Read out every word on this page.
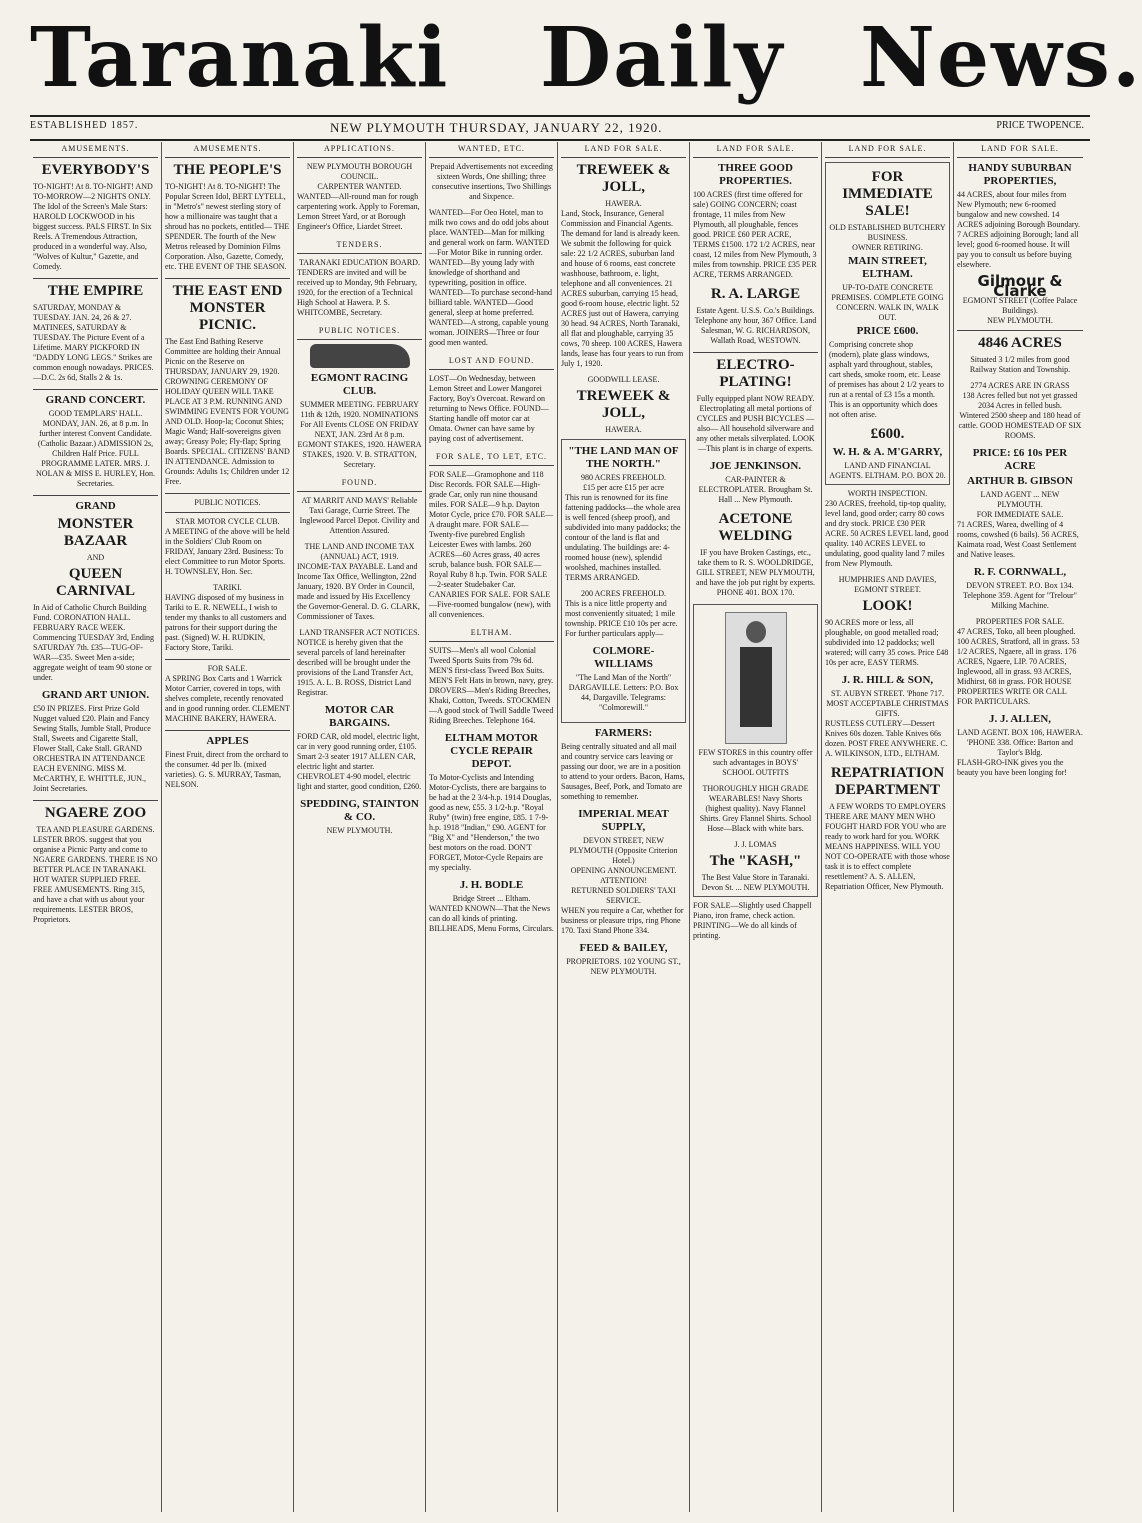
Taranaki Daily News.
ESTABLISHED 1857.	NEW PLYMOUTH THURSDAY, JANUARY 22, 1920.	PRICE TWOPENCE.
AMUSEMENTS.
EVERYBODY'S
TO-NIGHT! At 8. TO-NIGHT! AND TO-MORROW—2 NIGHTS ONLY. The Idol of the Screen's Male Stars: HAROLD LOCKWOOD in his biggest success. PALS FIRST. In Six Reels. A Tremendous Attraction, produced in a wonderful way. Also, "Wolves of Kultur," Gazette, and Comedy.
THE EMPIRE
SATURDAY, MONDAY & TUESDAY. JAN. 24, 26 & 27. MATINEES, SATURDAY & TUESDAY. The Picture Event of a Lifetime. MARY PICKFORD IN "DADDY LONG LEGS." Strikes are common enough nowadays. PRICES.—D.C. 2s 6d, Stalls 2 & 1s.
GRAND CONCERT.
GOOD TEMPLARS' HALL. MONDAY, JAN. 26, at 8 p.m. In further interest Convent Candidate. (Catholic Bazaar.) ADMISSION 2s, Children Half Price. FULL PROGRAMME LATER. MRS. J. NOLAN & MISS E. HURLEY, Hon. Secretaries.
GRAND
MONSTER BAZAAR
AND
QUEEN CARNIVAL
In Aid of Catholic Church Building Fund. CORONATION HALL. FEBRUARY RACE WEEK. Commencing TUESDAY 3rd, Ending SATURDAY 7th. £35—TUG-OF-WAR—£35. Sweet Men a-side; aggregate weight of team 90 stone or under.
GRAND ART UNION.
£50 IN PRIZES. First Prize Gold Nugget valued £20. Plain and Fancy Sewing Stalls, Jumble Stall, Produce Stall, Sweets and Cigarette Stall, Flower Stall, Cake Stall. GRAND ORCHESTRA IN ATTENDANCE EACH EVENING. MISS M. McCARTHY, E. WHITTLE, JUN., Joint Secretaries.
NGAERE ZOO
TEA AND PLEASURE GARDENS.
LESTER BROS. suggest that you organise a Picnic Party and come to NGAERE GARDENS. THERE IS NO BETTER PLACE IN TARANAKI. HOT WATER SUPPLIED FREE. FREE AMUSEMENTS. Ring 315, and have a chat with us about your requirements. LESTER BROS, Proprietors.
AMUSEMENTS.
THE PEOPLE'S
TO-NIGHT! At 8. TO-NIGHT! The Popular Screen Idol, BERT LYTELL, in "Metro's" newest sterling story of how a millionaire was taught that a shroud has no pockets, entitled— THE SPENDER. The fourth of the New Metros released by Dominion Films Corporation. Also, Gazette, Comedy, etc. THE EVENT OF THE SEASON.
THE EAST END MONSTER PICNIC.
The East End Bathing Reserve Committee are holding their Annual Picnic on the Reserve on THURSDAY, JANUARY 29, 1920. CROWNING CEREMONY OF HOLIDAY QUEEN WILL TAKE PLACE AT 3 P.M. RUNNING AND SWIMMING EVENTS FOR YOUNG AND OLD. Hoop-la; Coconut Shies; Magic Wand; Half-sovereigns given away; Greasy Pole; Fly-flap; Spring Boards. SPECIAL. CITIZENS' BAND IN ATTENDANCE. Admission to Grounds: Adults 1s; Children under 12 Free.
PUBLIC NOTICES.
STAR MOTOR CYCLE CLUB.
A MEETING of the above will be held in the Soldiers' Club Room on FRIDAY, January 23rd. Business: To elect Committee to run Motor Sports. H. TOWNSLEY, Hon. Sec.
TARIKI.
HAVING disposed of my business in Tariki to E. R. NEWELL, I wish to tender my thanks to all customers and patrons for their support during the past. (Signed) W. H. RUDKIN, Factory Store, Tariki.
FOR SALE.
A SPRING Box Carts and 1 Warrick Motor Carrier, covered in tops, with shelves complete, recently renovated and in good running order. CLEMENT MACHINE BAKERY, HAWERA.
APPLES
Finest Fruit, direct from the orchard to the consumer. 4d per lb. (mixed varieties). G. S. MURRAY, Tasman, NELSON.
APPLICATIONS.
NEW PLYMOUTH BOROUGH COUNCIL.
CARPENTER WANTED.
WANTED—All-round man for rough carpentering work. Apply to Foreman, Lemon Street Yard, or at Borough Engineer's Office, Liardet Street.
TENDERS.
TARANAKI EDUCATION BOARD.
TENDERS are invited and will be received up to Monday, 9th February, 1920, for the erection of a Technical High School at Hawera. P. S. WHITCOMBE, Secretary.
PUBLIC NOTICES.
EGMONT RACING CLUB.
SUMMER MEETING. FEBRUARY 11th & 12th, 1920. NOMINATIONS For All Events CLOSE ON FRIDAY NEXT, JAN. 23rd At 8 p.m. EGMONT STAKES, 1920. HAWERA STAKES, 1920. V. B. STRATTON, Secretary.
FOUND.
AT MARRIT AND MAYS' Reliable Taxi Garage, Currie Street. The Inglewood Parcel Depot. Civility and Attention Assured.
THE LAND AND INCOME TAX (ANNUAL) ACT, 1919.
INCOME-TAX PAYABLE. Land and Income Tax Office, Wellington, 22nd January, 1920. BY Order in Council, made and issued by His Excellency the Governor-General. D. G. CLARK, Commissioner of Taxes.
LAND TRANSFER ACT NOTICES.
NOTICE is hereby given that the several parcels of land hereinafter described will be brought under the provisions of the Land Transfer Act, 1915. A. L. B. ROSS, District Land Registrar.
MOTOR CAR BARGAINS.
FORD CAR, old model, electric light, car in very good running order, £105. Smart 2-3 seater 1917 ALLEN CAR, electric light and starter. CHEVROLET 4-90 model, electric light and starter, good condition, £260.
SPEDDING, STAINTON & CO.
NEW PLYMOUTH.
WANTED, ETC.
Prepaid Advertisements not exceeding sixteen Words, One shilling; three consecutive insertions, Two Shillings and Sixpence.
WANTED—For Oeo Hotel, man to milk two cows and do odd jobs about place. WANTED—Man for milking and general work on farm. WANTED—For Motor Bike in running order. WANTED—By young lady with knowledge of shorthand and typewriting, position in office. WANTED—To purchase second-hand billiard table. WANTED—Good general, sleep at home preferred. WANTED—A strong, capable young woman. JOINERS—Three or four good men wanted.
LOST AND FOUND.
LOST—On Wednesday, between Lemon Street and Lower Mangorei Factory, Boy's Overcoat. Reward on returning to News Office. FOUND—Starting handle off motor car at Omata. Owner can have same by paying cost of advertisement.
FOR SALE, TO LET, ETC.
FOR SALE—Gramophone and 118 Disc Records. FOR SALE—High-grade Car, only run nine thousand miles. FOR SALE—9 h.p. Dayton Motor Cycle, price £70. FOR SALE—A draught mare. FOR SALE—Twenty-five purebred English Leicester Ewes with lambs. 260 ACRES—60 Acres grass, 40 acres scrub, balance bush. FOR SALE—Royal Ruby 8 h.p. Twin. FOR SALE—2-seater Studebaker Car. CANARIES FOR SALE. FOR SALE—Five-roomed bungalow (new), with all conveniences.
ELTHAM.
SUITS—Men's all wool Colonial Tweed Sports Suits from 79s 6d. MEN'S first-class Tweed Box Suits. MEN'S Felt Hats in brown, navy, grey. DROVERS—Men's Riding Breeches, Khaki, Cotton, Tweeds. STOCKMEN—A good stock of Twill Saddle Tweed Riding Breeches. Telephone 164.
ELTHAM MOTOR CYCLE REPAIR DEPOT.
To Motor-Cyclists and Intending Motor-Cyclists, there are bargains to be had at the 2 3/4-h.p. 1914 Douglas, good as new, £55. 3 1/2-h.p. "Royal Ruby" (twin) free engine, £85. 1 7-9-h.p. 1918 "Indian," £90. AGENT for "Big X" and "Henderson," the two best motors on the road. DON'T FORGET, Motor-Cycle Repairs are my specialty.
J. H. BODLE
Bridge Street ... Eltham.
WANTED KNOWN—That the News can do all kinds of printing. BILLHEADS, Menu Forms, Circulars.
LAND FOR SALE.
TREWEEK & JOLL,
HAWERA.
Land, Stock, Insurance, General Commission and Financial Agents. The demand for land is already keen. We submit the following for quick sale: 22 1/2 ACRES, suburban land and house of 6 rooms, east concrete washhouse, bathroom, e. light, telephone and all conveniences. 21 ACRES suburban, carrying 15 head, good 6-room house, electric light. 52 ACRES just out of Hawera, carrying 30 head. 94 ACRES, North Taranaki, all flat and ploughable, carrying 35 cows, 70 sheep. 100 ACRES, Hawera lands, lease has four years to run from July 1, 1920.
GOODWILL LEASE.
TREWEEK & JOLL,
HAWERA.
"THE LAND MAN OF THE NORTH."
980 ACRES FREEHOLD.
£15 per acre £15 per acre
This run is renowned for its fine fattening paddocks—the whole area is well fenced (sheep proof), and subdivided into many paddocks; the contour of the land is flat and undulating. The buildings are: 4-roomed house (new), splendid woolshed, machines installed. TERMS ARRANGED.
200 ACRES FREEHOLD.
This is a nice little property and most conveniently situated; 1 mile township. PRICE £10 10s per acre. For further particulars apply—
COLMORE-WILLIAMS
"The Land Man of the North" DARGAVILLE. Letters: P.O. Box 44, Dargaville. Telegrams: "Colmorewill."
FARMERS:
Being centrally situated and all mail and country service cars leaving or passing our door, we are in a position to attend to your orders. Bacon, Hams, Sausages, Beef, Pork, and Tomato are something to remember.
IMPERIAL MEAT SUPPLY,
DEVON STREET, NEW PLYMOUTH (Opposite Criterion Hotel.)
OPENING ANNOUNCEMENT.
ATTENTION!
RETURNED SOLDIERS' TAXI SERVICE.
WHEN you require a Car, whether for business or pleasure trips, ring Phone 170. Taxi Stand Phone 334.
FEED & BAILEY,
PROPRIETORS. 102 YOUNG ST., NEW PLYMOUTH.
LAND FOR SALE.
THREE GOOD PROPERTIES.
100 ACRES (first time offered for sale) GOING CONCERN; coast frontage, 11 miles from New Plymouth, all ploughable, fences good. PRICE £60 PER ACRE, TERMS £1500. 172 1/2 ACRES, near coast, 12 miles from New Plymouth, 3 miles from township. PRICE £35 PER ACRE, TERMS ARRANGED.
R. A. LARGE
Estate Agent. U.S.S. Co.'s Buildings. Telephone any hour, 367 Office. Land Salesman, W. G. RICHARDSON, Wallath Road, WESTOWN.
ELECTRO-PLATING!
Fully equipped plant NOW READY. Electroplating all metal portions of CYCLES and PUSH BICYCLES —also— All household silverware and any other metals silverplated. LOOK—This plant is in charge of experts.
JOE JENKINSON.
CAR-PAINTER & ELECTROPLATER. Brougham St. Hall ... New Plymouth.
ACETONE WELDING
IF you have Broken Castings, etc., take them to R. S. WOOLDRIDGE, GILL STREET, NEW PLYMOUTH, and have the job put right by experts. PHONE 401. BOX 170.
FEW STORES in this country offer such advantages in BOYS' SCHOOL OUTFITS
THOROUGHLY HIGH GRADE WEARABLES! Navy Shorts (highest quality). Navy Flannel Shirts. Grey Flannel Shirts. School Hose—Black with white bars.
J. J. LOMAS
The "KASH,"
The Best Value Store in Taranaki. Devon St. ... NEW PLYMOUTH.
FOR SALE—Slightly used Chappell Piano, iron frame, check action. PRINTING—We do all kinds of printing.
LAND FOR SALE.
FOR IMMEDIATE SALE!
OLD ESTABLISHED BUTCHERY BUSINESS.
OWNER RETIRING.
MAIN STREET, ELTHAM.
UP-TO-DATE CONCRETE PREMISES. COMPLETE GOING CONCERN. WALK IN, WALK OUT.
PRICE £600.
Comprising concrete shop (modern), plate glass windows, asphalt yard throughout, stables, cart sheds, smoke room, etc. Lease of premises has about 2 1/2 years to run at a rental of £3 15s a month. This is an opportunity which does not often arise.
£600.
W. H. & A. M'GARRY,
LAND AND FINANCIAL AGENTS. ELTHAM. P.O. BOX 20.
WORTH INSPECTION.
230 ACRES, freehold, tip-top quality, level land, good order; carry 80 cows and dry stock. PRICE £30 PER ACRE. 50 ACRES LEVEL land, good quality. 140 ACRES LEVEL to undulating, good quality land 7 miles from New Plymouth.
HUMPHRIES AND DAVIES,
EGMONT STREET.
LOOK!
90 ACRES more or less, all ploughable, on good metalled road; subdivided into 12 paddocks; well watered; will carry 35 cows. Price £48 10s per acre, EASY TERMS.
J. R. HILL & SON,
ST. AUBYN STREET. 'Phone 717.
MOST ACCEPTABLE CHRISTMAS GIFTS.
RUSTLESS CUTLERY—Dessert Knives 60s dozen. Table Knives 66s dozen. POST FREE ANYWHERE. C. A. WILKINSON, LTD., ELTHAM.
REPATRIATION DEPARTMENT
A FEW WORDS TO EMPLOYERS
THERE ARE MANY MEN WHO FOUGHT HARD FOR YOU who are ready to work hard for you. WORK MEANS HAPPINESS. WILL YOU NOT CO-OPERATE with those whose task it is to effect complete resettlement? A. S. ALLEN, Repatriation Officer, New Plymouth.
LAND FOR SALE.
HANDY SUBURBAN PROPERTIES,
44 ACRES, about four miles from New Plymouth; new 6-roomed bungalow and new cowshed. 14 ACRES adjoining Borough Boundary. 7 ACRES adjoining Borough; land all level; good 6-roomed house. It will pay you to consult us before buying elsewhere.
Gilmour & Clarke
EGMONT STREET (Coffee Palace Buildings).
NEW PLYMOUTH.
4846 ACRES
Situated 3 1/2 miles from good Railway Station and Township.
2774 ACRES ARE IN GRASS
138 Acres felled but not yet grassed
2034 Acres in felled bush.
Wintered 2500 sheep and 180 head of cattle. GOOD HOMESTEAD OF SIX ROOMS.
PRICE: £6 10s PER ACRE
ARTHUR B. GIBSON
LAND AGENT ... NEW PLYMOUTH.
FOR IMMEDIATE SALE.
71 ACRES, Warea, dwelling of 4 rooms, cowshed (6 bails). 56 ACRES, Kaimata road, West Coast Settlement and Native leases.
R. F. CORNWALL,
DEVON STREET. P.O. Box 134. Telephone 359. Agent for "Trelour" Milking Machine.
PROPERTIES FOR SALE.
47 ACRES, Toko, all been ploughed. 100 ACRES, Stratford, all in grass. 53 1/2 ACRES, Ngaere, all in grass. 176 ACRES, Ngaere, LIP. 70 ACRES, Inglewood, all in grass. 93 ACRES, Midhirst, 68 in grass. FOR HOUSE PROPERTIES WRITE OR CALL FOR PARTICULARS.
J. J. ALLEN,
LAND AGENT. BOX 106, HAWERA. 'PHONE 338. Office: Barton and Taylor's Bldg.
FLASH-GRO-INK gives you the beauty you have been longing for!
